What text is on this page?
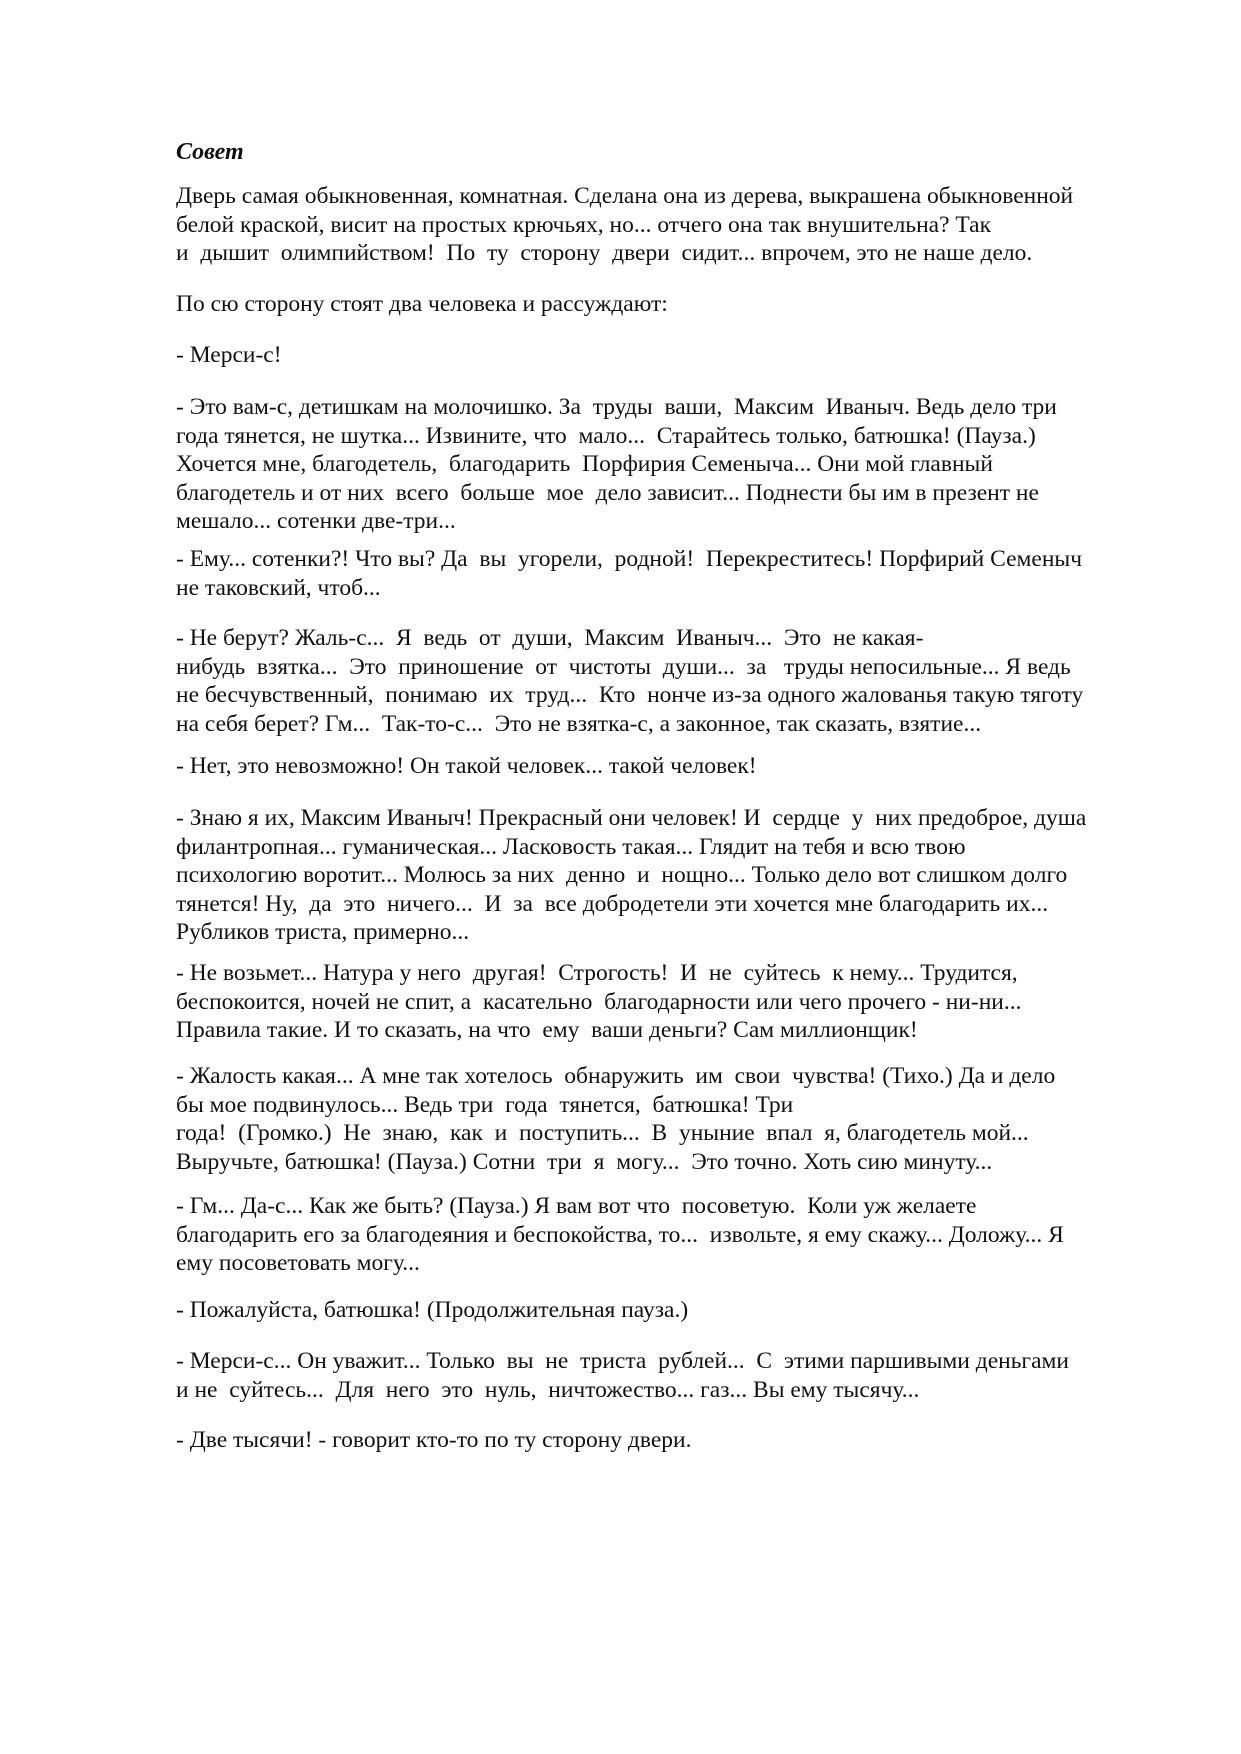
Совет
Дверь самая обыкновенная, комнатная. Сделана она из дерева, выкрашена обыкновенной
белой краской, висит на простых крючьях, но... отчего она так внушительна? Так
и  дышит  олимпийством!  По  ту  сторону  двери  сидит... впрочем, это не наше дело.
По сю сторону стоят два человека и рассуждают:
- Мерси-с!
- Это вам-с, детишкам на молочишко. За  труды  ваши,  Максим  Иваныч. Ведь дело три
года тянется, не шутка... Извините, что  мало...  Старайтесь только, батюшка! (Пауза.)
Хочется мне, благодетель,  благодарить  Порфирия Семеныча... Они мой главный
благодетель и от них  всего  больше  мое  дело зависит... Поднести бы им в презент не
мешало... сотенки две-три...
- Ему... сотенки?! Что вы? Да  вы  угорели,  родной!  Перекреститесь! Порфирий Семеныч
не таковский, чтоб...
- Не берут? Жаль-с...  Я  ведь  от  души,  Максим  Иваныч...  Это  не какая-
нибудь  взятка...  Это  приношение  от  чистоты  души...  за   труды непосильные... Я ведь
не бесчувственный,  понимаю  их  труд...  Кто  нонче из-за одного жалованья такую тяготу
на себя берет? Гм...  Так-то-с...  Это не взятка-с, а законное, так сказать, взятие...
- Нет, это невозможно! Он такой человек... такой человек!
- Знаю я их, Максим Иваныч! Прекрасный они человек! И  сердце  у  них предоброе, душа
филантропная... гуманическая... Ласковость такая... Глядит на тебя и всю твою
психологию воротит... Молюсь за них  денно  и  нощно... Только дело вот слишком долго
тянется! Ну,  да  это  ничего...  И  за  все добродетели эти хочется мне благодарить их...
Рубликов триста, примерно...
- Не возьмет... Натура у него  другая!  Строгость!  И  не  суйтесь  к нему... Трудится,
беспокоится, ночей не спит, а  касательно  благодарности или чего прочего - ни-ни...
Правила такие. И то сказать, на что  ему  ваши деньги? Сам миллионщик!
- Жалость какая... А мне так хотелось  обнаружить  им  свои  чувства! (Тихо.) Да и дело
бы мое подвинулось... Ведь три  года  тянется,  батюшка! Три
года!  (Громко.)  Не  знаю,  как  и  поступить...  В  уныние  впал  я, благодетель мой...
Выручьте, батюшка! (Пауза.) Сотни  три  я  могу...  Это точно. Хоть сию минуту...
- Гм... Да-с... Как же быть? (Пауза.) Я вам вот что  посоветую.  Коли уж желаете
благодарить его за благодеяния и беспокойства, то...  извольте, я ему скажу... Доложу... Я
ему посоветовать могу...
- Пожалуйста, батюшка! (Продолжительная пауза.)
- Мерси-с... Он уважит... Только  вы  не  триста  рублей...  С  этими паршивыми деньгами
и не  суйтесь...  Для  него  это  нуль,  ничтожество... газ... Вы ему тысячу...
- Две тысячи! - говорит кто-то по ту сторону двери.
